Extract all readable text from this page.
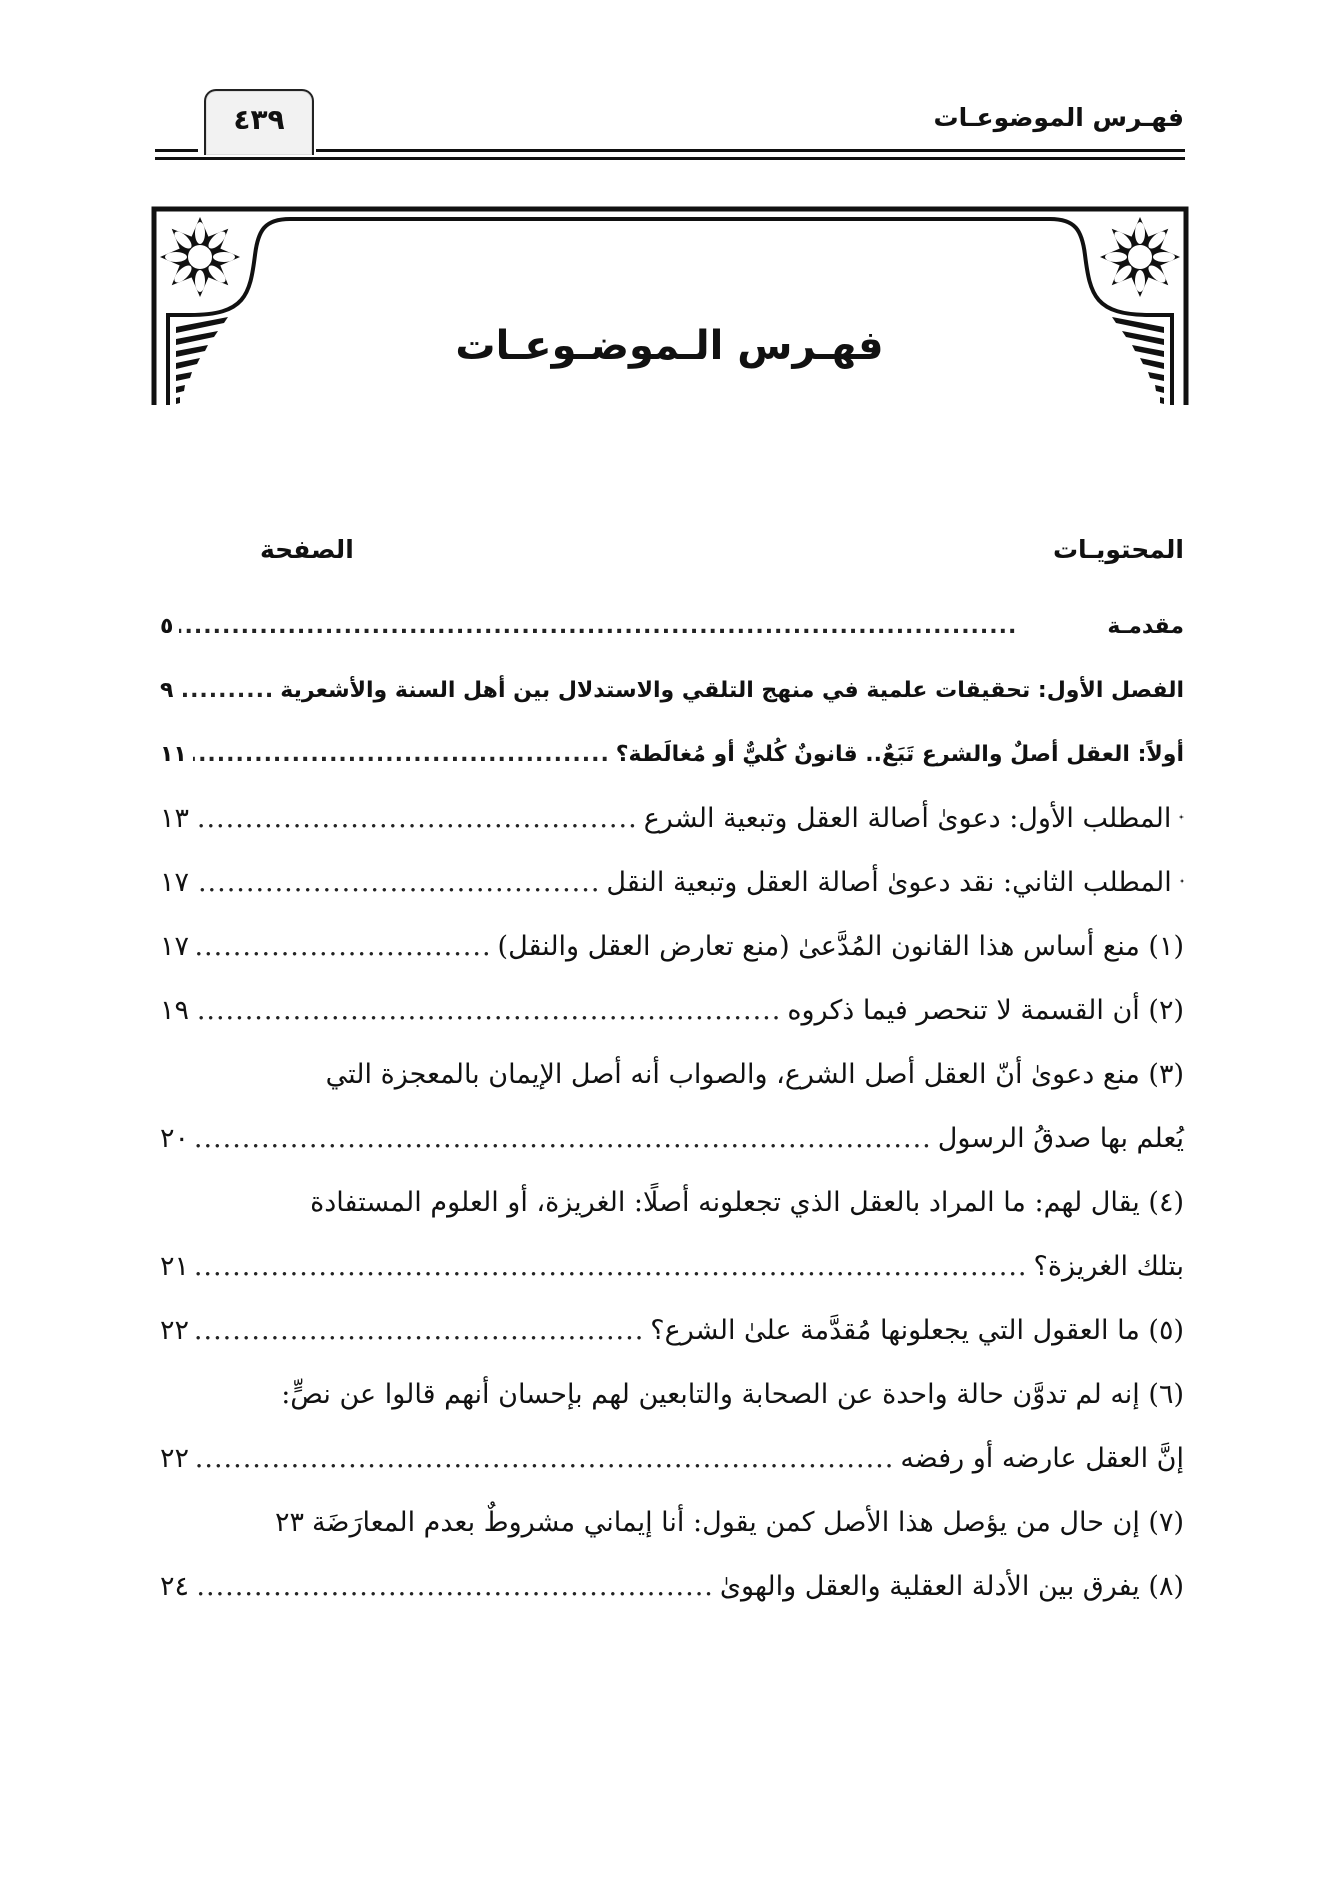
فهـرس الموضوعـات
٤٣٩
فهـرس الـموضـوعـات
المحتويـات
الصفحة
مقدمـة
.....
٥
الفصل الأول: تحقيقات علمية في منهج التلقي والاستدلال بين أهل السنة والأشعرية
.....
٩
أولاً: العقل أصلٌ والشرع تَبَعٌ.. قانونٌ كُليٌّ أو مُغالَطة؟
.....
١١
المطلب الأول: دعوىٰ أصالة العقل وتبعية الشرع
.....
١٣
المطلب الثاني: نقد دعوىٰ أصالة العقل وتبعية النقل
.....
١٧
(١) منع أساس هذا القانون المُدَّعىٰ (منع تعارض العقل والنقل)
.....
١٧
(٢) أن القسمة لا تنحصر فيما ذكروه
.....
١٩
(٣) منع دعوىٰ أنّ العقل أصل الشرع، والصواب أنه أصل الإيمان بالمعجزة التي
يُعلم بها صدقُ الرسول
.....
٢٠
(٤) يقال لهم: ما المراد بالعقل الذي تجعلونه أصلًا: الغريزة، أو العلوم المستفادة
بتلك الغريزة؟
.....
٢١
(٥) ما العقول التي يجعلونها مُقدَّمة علىٰ الشرع؟
.....
٢٢
(٦) إنه لم تدوَّن حالة واحدة عن الصحابة والتابعين لهم بإحسان أنهم قالوا عن نصٍّ:
إنَّ العقل عارضه أو رفضه
.....
٢٢
(٧) إن حال من يؤصل هذا الأصل كمن يقول: أنا إيماني مشروطٌ بعدم المعارَضَة
٢٣
(٨) يفرق بين الأدلة العقلية والعقل والهوىٰ
.....
٢٤
